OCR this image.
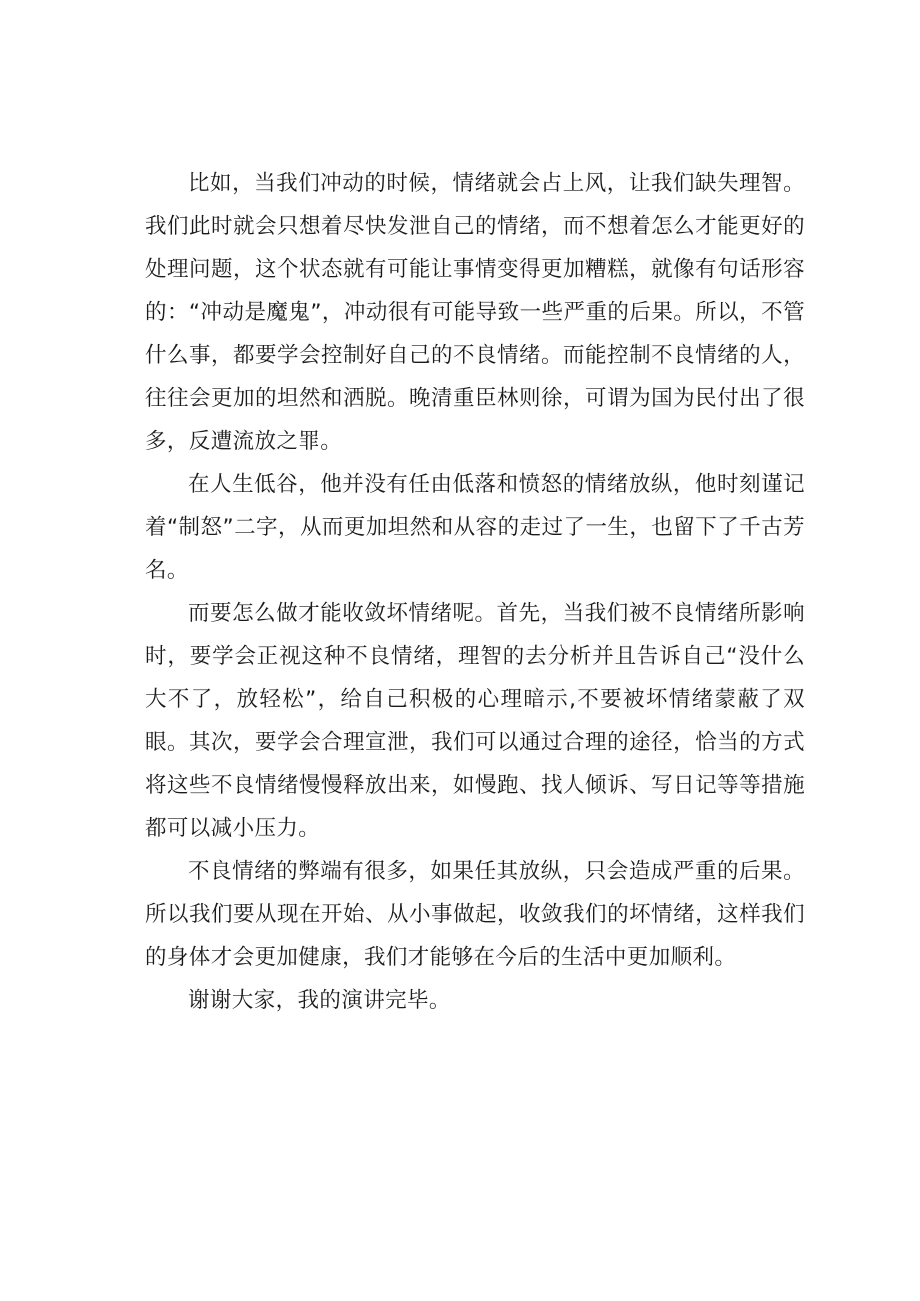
比如，当我们冲动的时候，情绪就会占上风，让我们缺失理智。我们此时就会只想着尽快发泄自己的情绪，而不想着怎么才能更好的处理问题，这个状态就有可能让事情变得更加糟糕，就像有句话形容的：“冲动是魔鬼”，冲动很有可能导致一些严重的后果。所以，不管什么事，都要学会控制好自己的不良情绪。而能控制不良情绪的人，往往会更加的坦然和洒脱。晚清重臣林则徐，可谓为国为民付出了很多，反遭流放之罪。

在人生低谷，他并没有任由低落和愤怒的情绪放纵，他时刻谨记着“制怒”二字，从而更加坦然和从容的走过了一生，也留下了千古芳名。

而要怎么做才能收敛坏情绪呢。首先，当我们被不良情绪所影响时，要学会正视这种不良情绪，理智的去分析并且告诉自己“没什么大不了，放轻松”，给自己积极的心理暗示,不要被坏情绪蒙蔽了双眼。其次，要学会合理宣泄，我们可以通过合理的途径，恰当的方式将这些不良情绪慢慢释放出来，如慢跑、找人倾诉、写日记等等措施都可以减小压力。

不良情绪的弊端有很多，如果任其放纵，只会造成严重的后果。所以我们要从现在开始、从小事做起，收敛我们的坏情绪，这样我们的身体才会更加健康，我们才能够在今后的生活中更加顺利。

谢谢大家，我的演讲完毕。
